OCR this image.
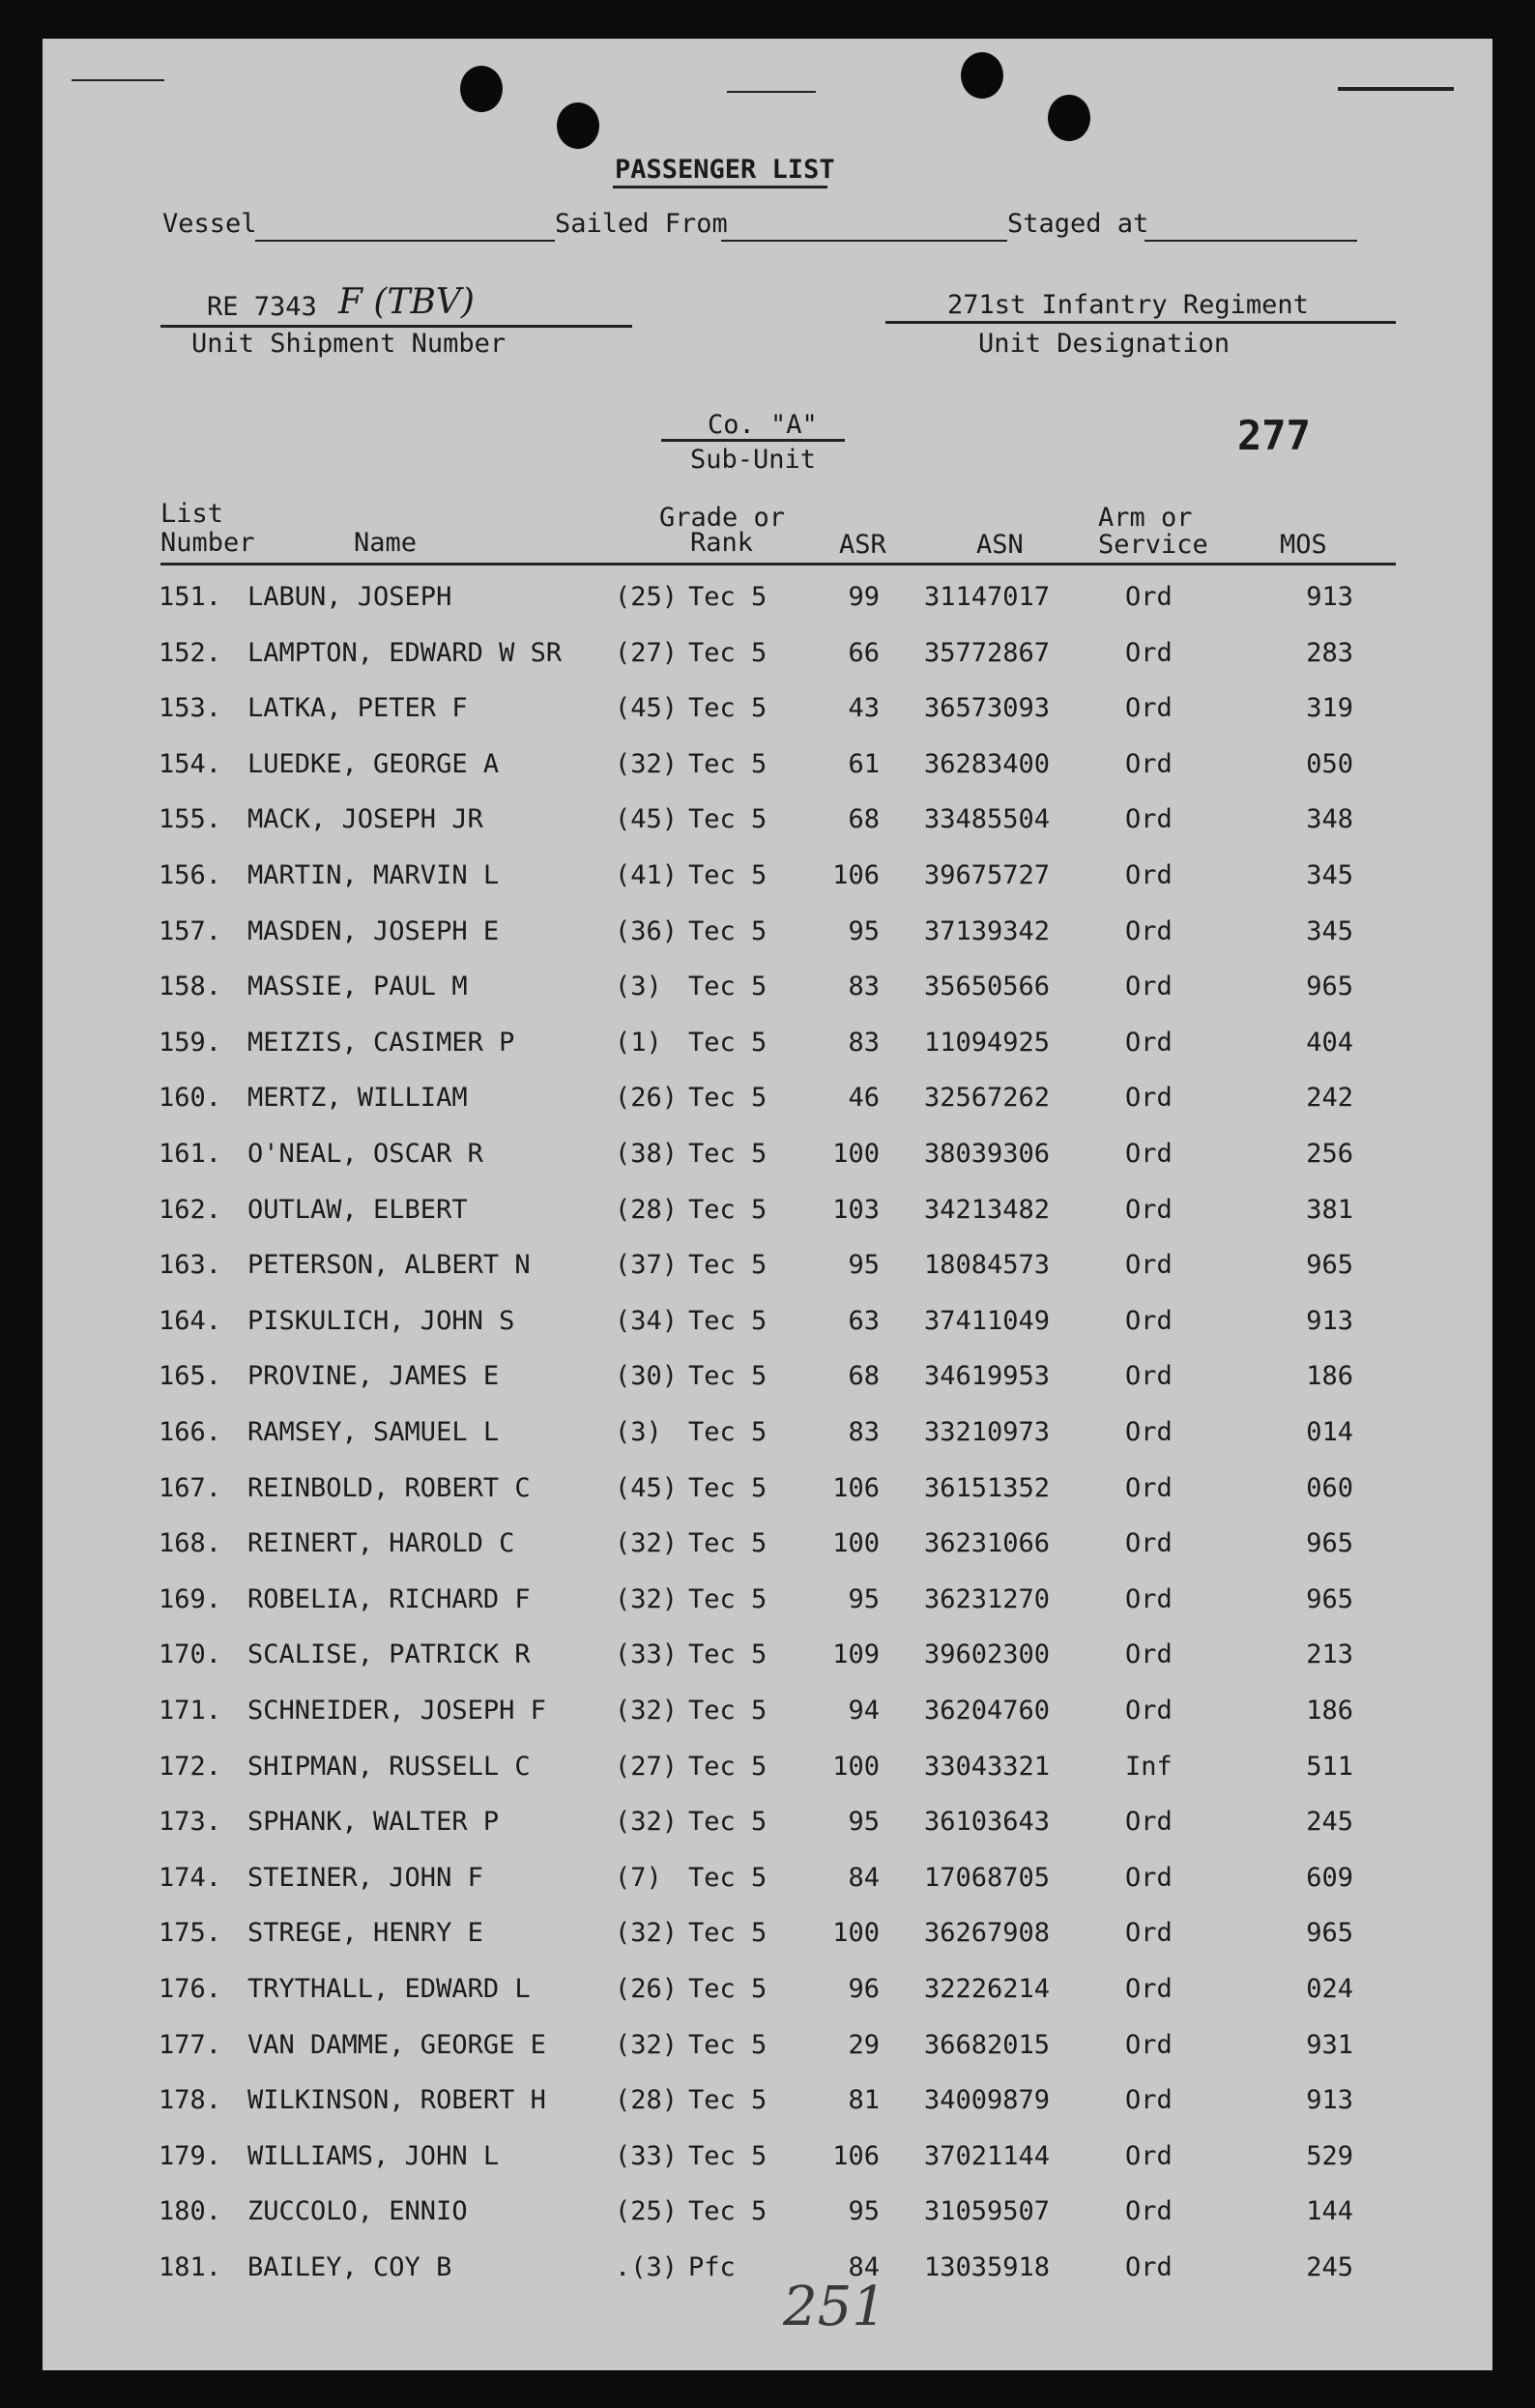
PASSENGER LIST
Vessel	Sailed From	Staged at
RE 7343 F (TBV)
Unit Shipment Number
271st Infantry Regiment
Unit Designation
Co. "A"
Sub-Unit
277
List
Number	Name
Grade or
Rank	ASR	ASN
Arm or
Service	MOS
151. LABUN, JOSEPH	(25) Tec 5	99 31147017	Ord	913
152. LAMPTON, EDWARD W SR (27) Tec 5	66 35772867	Ord	283
153. LATKA, PETER F	(45) Tec 5	43 36573093	Ord	319
154. LUEDKE, GEORGE A	(32) Tec 5	61 36283400	Ord	050
155. MACK, JOSEPH JR	(45) Tec 5	68 33485504	Ord	348
156. MARTIN, MARVIN L	(41) Tec 5	106 39675727	Ord	345
157. MASDEN, JOSEPH E	(36) Tec 5	95 37139342	Ord	345
158. MASSIE, PAUL M	(3) Tec 5	83 35650566	Ord	965
159. MEIZIS, CASIMER P	(1) Tec 5	83 11094925	Ord	404
160. MERTZ, WILLIAM	(26) Tec 5	46 32567262	Ord	242
161. O'NEAL, OSCAR R	(38) Tec 5	100 38039306	Ord	256
162. OUTLAW, ELBERT	(28) Tec 5	103 34213482	Ord	381
163. PETERSON, ALBERT N	(37) Tec 5	95 18084573	Ord	965
164. PISKULICH, JOHN S	(34) Tec 5	63 37411049	Ord	913
165. PROVINE, JAMES E	(30) Tec 5	68 34619953	Ord	186
166. RAMSEY, SAMUEL L	(3) Tec 5	83 33210973	Ord	014
167. REINBOLD, ROBERT C	(45) Tec 5	106 36151352	Ord	060
168. REINERT, HAROLD C	(32) Tec 5	100 36231066	Ord	965
169. ROBELIA, RICHARD F	(32) Tec 5	95 36231270	Ord	965
170. SCALISE, PATRICK R	(33) Tec 5	109 39602300	Ord	213
171. SCHNEIDER, JOSEPH F	(32) Tec 5	94 36204760	Ord	186
172. SHIPMAN, RUSSELL C	(27) Tec 5	100 33043321	Inf	511
173. SPHANK, WALTER P	(32) Tec 5	95 36103643	Ord	245
174. STEINER, JOHN F	(7) Tec 5	84 17068705	Ord	609
175. STREGE, HENRY E	(32) Tec 5	100 36267908	Ord	965
176. TRYTHALL, EDWARD L	(26) Tec 5	96 32226214	Ord	024
177. VAN DAMME, GEORGE E	(32) Tec 5	29 36682015	Ord	931
178. WILKINSON, ROBERT H	(28) Tec 5	81 34009879	Ord	913
179. WILLIAMS, JOHN L	(33) Tec 5	106 37021144	Ord	529
180. ZUCCOLO, ENNIO	(25) Tec 5	95 31059507	Ord	144
181. BAILEY, COY B	.(3) Pfc	84 13035918	Ord	245
251
